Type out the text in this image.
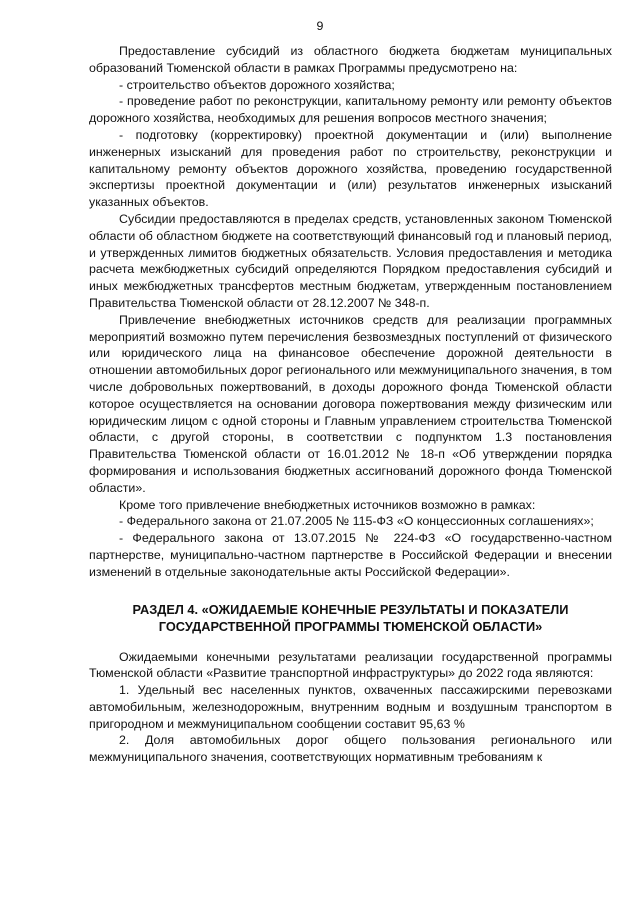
9

Предоставление субсидий из областного бюджета бюджетам муниципальных образований Тюменской области в рамках Программы предусмотрено на:

- строительство объектов дорожного хозяйства;

- проведение работ по реконструкции, капитальному ремонту или ремонту объектов дорожного хозяйства, необходимых для решения вопросов местного значения;

- подготовку (корректировку) проектной документации и (или) выполнение инженерных изысканий для проведения работ по строительству, реконструкции и капитальному ремонту объектов дорожного хозяйства, проведению государственной экспертизы проектной документации и (или) результатов инженерных изысканий указанных объектов.

Субсидии предоставляются в пределах средств, установленных законом Тюменской области об областном бюджете на соответствующий финансовый год и плановый период, и утвержденных лимитов бюджетных обязательств. Условия предоставления и методика расчета межбюджетных субсидий определяются Порядком предоставления субсидий и иных межбюджетных трансфертов местным бюджетам, утвержденным постановлением Правительства Тюменской области от 28.12.2007 № 348-п.

Привлечение внебюджетных источников средств для реализации программных мероприятий возможно путем перечисления безвозмездных поступлений от физического или юридического лица на финансовое обеспечение дорожной деятельности в отношении автомобильных дорог регионального или межмуниципального значения, в том числе добровольных пожертвований, в доходы дорожного фонда Тюменской области которое осуществляется на основании договора пожертвования между физическим или юридическим лицом с одной стороны и Главным управлением строительства Тюменской области, с другой стороны, в соответствии с подпунктом 1.3 постановления Правительства Тюменской области от 16.01.2012 № 18-п «Об утверждении порядка формирования и использования бюджетных ассигнований дорожного фонда Тюменской области».

Кроме того привлечение внебюджетных источников возможно в рамках:

- Федерального закона от 21.07.2005 № 115-ФЗ «О концессионных соглашениях»;

- Федерального закона от 13.07.2015 № 224-ФЗ «О государственно-частном партнерстве, муниципально-частном партнерстве в Российской Федерации и внесении изменений в отдельные законодательные акты Российской Федерации».

РАЗДЕЛ 4. «ОЖИДАЕМЫЕ КОНЕЧНЫЕ РЕЗУЛЬТАТЫ И ПОКАЗАТЕЛИ ГОСУДАРСТВЕННОЙ ПРОГРАММЫ ТЮМЕНСКОЙ ОБЛАСТИ»

Ожидаемыми конечными результатами реализации государственной программы Тюменской области «Развитие транспортной инфраструктуры» до 2022 года являются:

1. Удельный вес населенных пунктов, охваченных пассажирскими перевозками автомобильным, железнодорожным, внутренним водным и воздушным транспортом в пригородном и межмуниципальном сообщении составит 95,63 %

2. Доля автомобильных дорог общего пользования регионального или межмуниципального значения, соответствующих нормативным требованиям к
